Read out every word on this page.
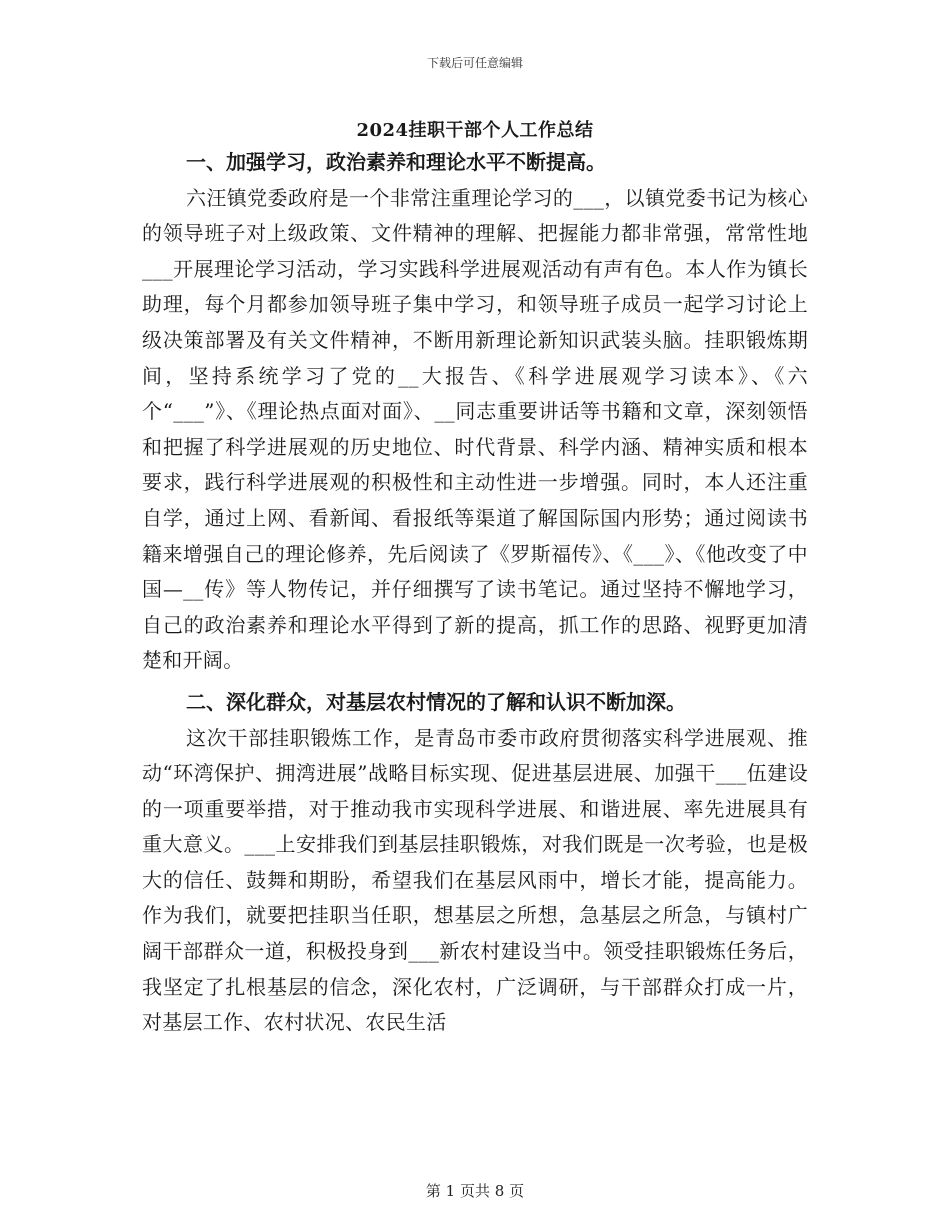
下载后可任意编辑
2024挂职干部个人工作总结

一、加强学习，政治素养和理论水平不断提高。

六汪镇党委政府是一个非常注重理论学习的___，以镇党委书记为核心的领导班子对上级政策、文件精神的理解、把握能力都非常强，常常性地___开展理论学习活动，学习实践科学进展观活动有声有色。本人作为镇长助理，每个月都参加领导班子集中学习，和领导班子成员一起学习讨论上级决策部署及有关文件精神，不断用新理论新知识武装头脑。挂职锻炼期间，坚持系统学习了党的__大报告、《科学进展观学习读本》、《六个“___”》、《理论热点面对面》、__同志重要讲话等书籍和文章，深刻领悟和把握了科学进展观的历史地位、时代背景、科学内涵、精神实质和根本要求，践行科学进展观的积极性和主动性进一步增强。同时，本人还注重自学，通过上网、看新闻、看报纸等渠道了解国际国内形势；通过阅读书籍来增强自己的理论修养，先后阅读了《罗斯福传》、《___》、《他改变了中国—__传》等人物传记，并仔细撰写了读书笔记。通过坚持不懈地学习，自己的政治素养和理论水平得到了新的提高，抓工作的思路、视野更加清楚和开阔。

二、深化群众，对基层农村情况的了解和认识不断加深。

这次干部挂职锻炼工作，是青岛市委市政府贯彻落实科学进展观、推动“环湾保护、拥湾进展”战略目标实现、促进基层进展、加强干___伍建设的一项重要举措，对于推动我市实现科学进展、和谐进展、率先进展具有重大意义。___上安排我们到基层挂职锻炼，对我们既是一次考验，也是极大的信任、鼓舞和期盼，希望我们在基层风雨中，增长才能，提高能力。作为我们，就要把挂职当任职，想基层之所想，急基层之所急，与镇村广阔干部群众一道，积极投身到___新农村建设当中。领受挂职锻炼任务后，我坚定了扎根基层的信念，深化农村，广泛调研，与干部群众打成一片，对基层工作、农村状况、农民生活

第 1 页共 8 页
